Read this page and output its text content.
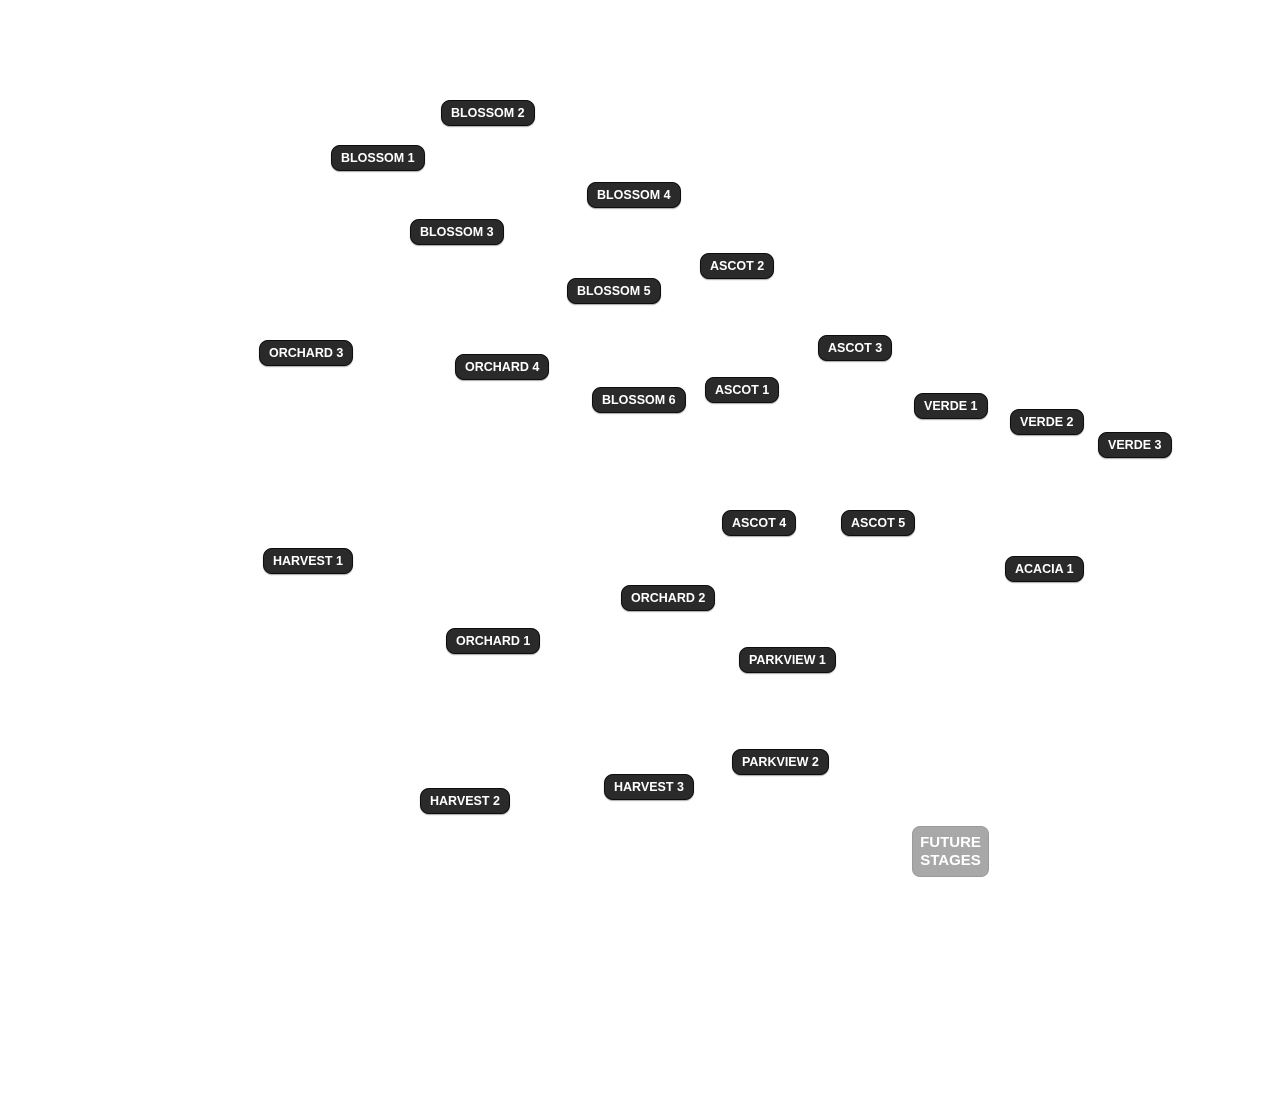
BLOSSOM 2
BLOSSOM 1
BLOSSOM 4
BLOSSOM 3
ASCOT 2
BLOSSOM 5
ASCOT 3
ORCHARD 3
ORCHARD 4
ASCOT 1
BLOSSOM 6	VERDE 1
VERDE 2
VERDE 3
ASCOT 4	ASCOT 5
HARVEST 1
ACACIA 1
ORCHARD 2
ORCHARD 1
PARKVIEW 1
PARKVIEW 2
HARVEST 3
HARVEST 2
FUTURE
STAGES
